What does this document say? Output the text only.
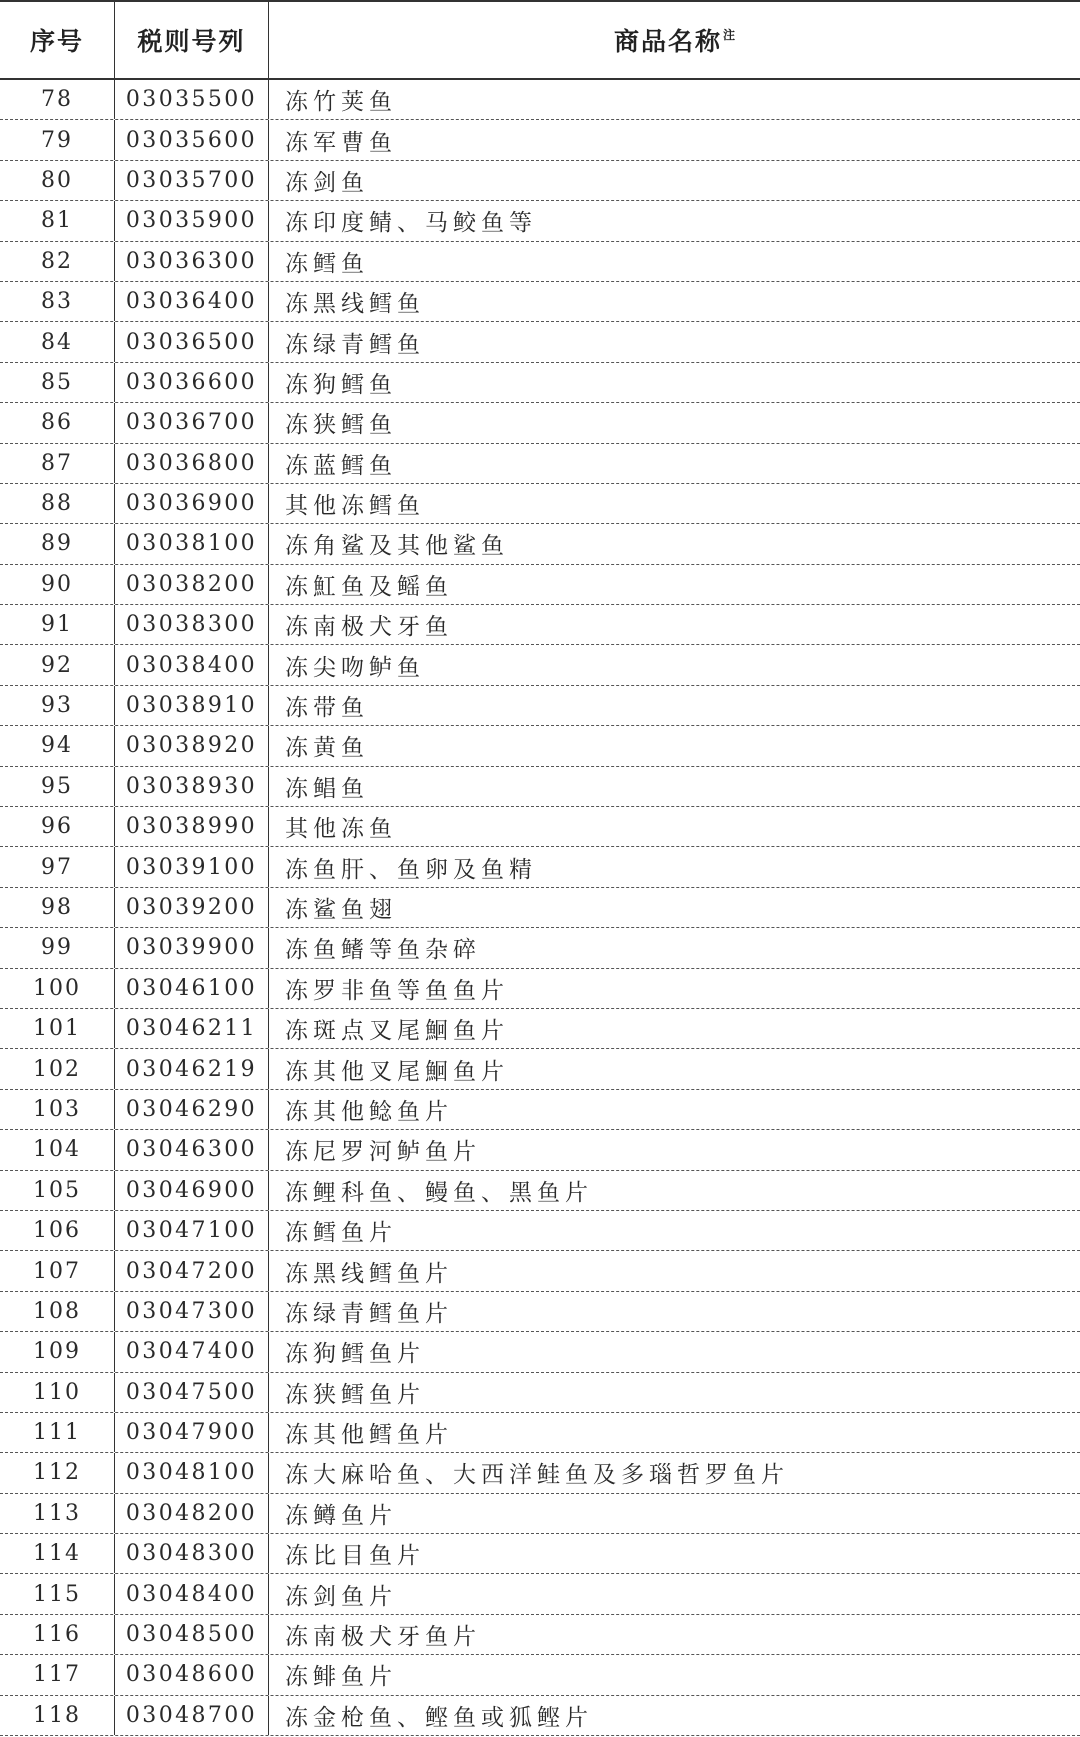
序号 税则号列	商品名称 注
78 03035500 冻竹荚鱼
79 03035600 冻军曹鱼
80 03035700 冻剑鱼
81 03035900 冻印度鲭、马鲛鱼等
82 03036300 冻鳕鱼
83 03036400 冻黑线鳕鱼
84 03036500 冻绿青鳕鱼
85 03036600 冻狗鳕鱼
86 03036700 冻狭鳕鱼
87 03036800 冻蓝鳕鱼
88 03036900 其他冻鳕鱼
89 03038100 冻角鲨及其他鲨鱼
90 03038200 冻魟鱼及鳐鱼
91 03038300 冻南极犬牙鱼
92 03038400 冻尖吻鲈鱼
93 03038910 冻带鱼
94 03038920 冻黄鱼
95 03038930 冻鲳鱼
96 03038990 其他冻鱼
97 03039100 冻鱼肝、鱼卵及鱼精
98 03039200 冻鲨鱼翅
99 03039900 冻鱼鳍等鱼杂碎
100 03046100 冻罗非鱼等鱼鱼片
101 03046211 冻斑点叉尾鮰鱼片
102 03046219 冻其他叉尾鮰鱼片
103 03046290 冻其他鲶鱼片
104 03046300 冻尼罗河鲈鱼片
105 03046900 冻鲤科鱼、鳗鱼、黑鱼片
106 03047100 冻鳕鱼片
107 03047200 冻黑线鳕鱼片
108 03047300 冻绿青鳕鱼片
109 03047400 冻狗鳕鱼片
110 03047500 冻狭鳕鱼片
111 03047900 冻其他鳕鱼片
112 03048100 冻大麻哈鱼、大西洋鲑鱼及多瑙哲罗鱼片
113 03048200 冻鳟鱼片
114 03048300 冻比目鱼片
115 03048400 冻剑鱼片
116 03048500 冻南极犬牙鱼片
117 03048600 冻鲱鱼片
118 03048700 冻金枪鱼、鲣鱼或狐鲣片
